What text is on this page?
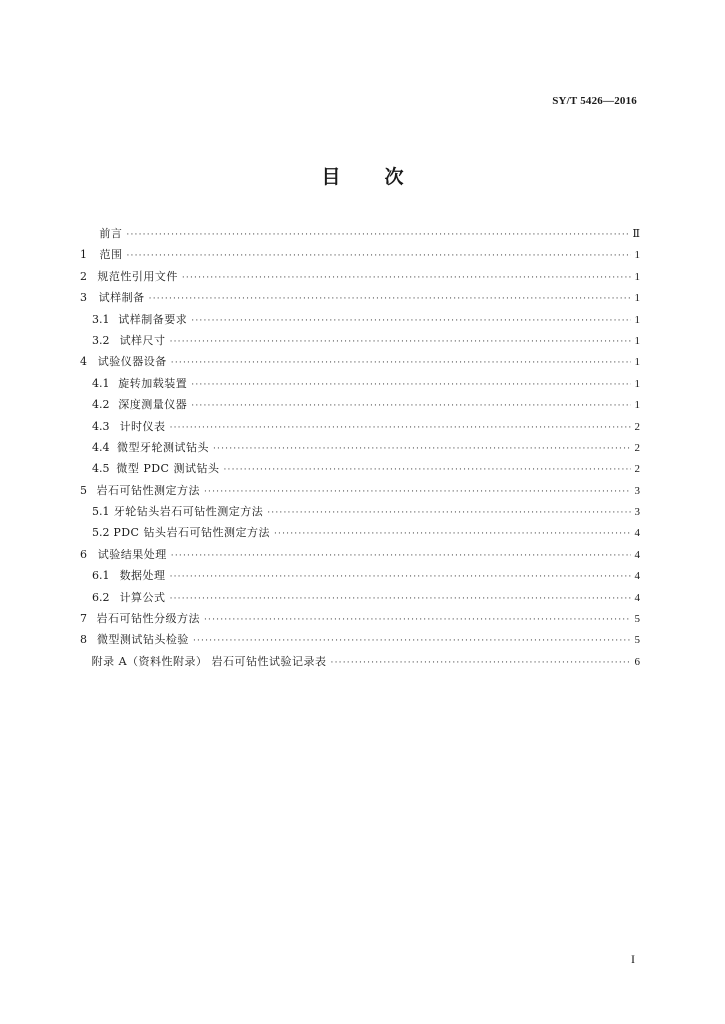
SY/T 5426—2016
目 次
前言 ·····	Ⅱ
1	范围 ·····	1
2 规范性引用文件 ·····	1
3	试样制备 ·····	1
3.1 试样制备要求 ·····	1
3.2 试样尺寸 ·····	1
4 试验仪器设备 ·····	1
4.1 旋转加载装置 ·····	1
4.2 深度测量仪器 ·····	1
4.3 计时仪表 ·····	2
4.4 微型牙轮测试钻头 ·····	2
4.5 微型 PDC 测试钻头 ·····	2
5 岩石可钻性测定方法 ·····	3
5.1 牙轮钻头岩石可钻性测定方法 ·····	3
5.2 PDC 钻头岩石可钻性测定方法 ·····	4
6 试验结果处理 ·····	4
6.1 数据处理 ·····	4
6.2 计算公式 ·····	4
7 岩石可钻性分级方法 ·····	5
8 微型测试钻头检验 ·····	5
附录 A（资料性附录） 岩石可钻性试验记录表 ·····	6
I
